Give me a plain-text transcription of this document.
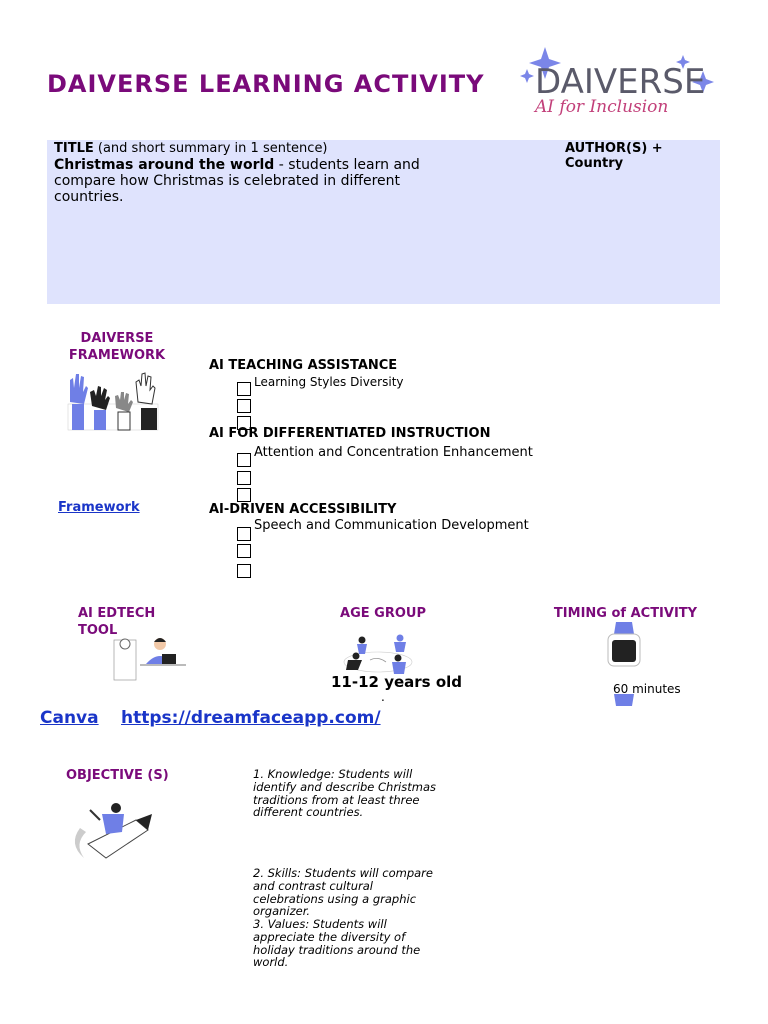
DAIVERSE LEARNING ACTIVITY DAIVERSE
AI for Inclusion
TITLE (and short summary in 1 sentence)
Christmas around the world - students learn and compare how Christmas is celebrated in different countries.
AUTHOR(S) + Country
DAIVERSE FRAMEWORK
Framework
AI TEACHING ASSISTANCE
Learning Styles Diversity
AI FOR DIFFERENTIATED INSTRUCTION
Attention and Concentration Enhancement
AI-DRIVEN ACCESSIBILITY
Speech and Communication Development
AI EDTECH TOOL
AGE GROUP	TIMING of ACTIVITY
11-12 years old
.
60 minutes
Canva https://dreamfaceapp.com/
OBJECTIVE (S)	1. Knowledge: Students will identify and describe Christmas traditions from at least three different countries.
2. Skills: Students will compare and contrast cultural celebrations using a graphic organizer.
3. Values: Students will appreciate the diversity of holiday traditions around the world.
